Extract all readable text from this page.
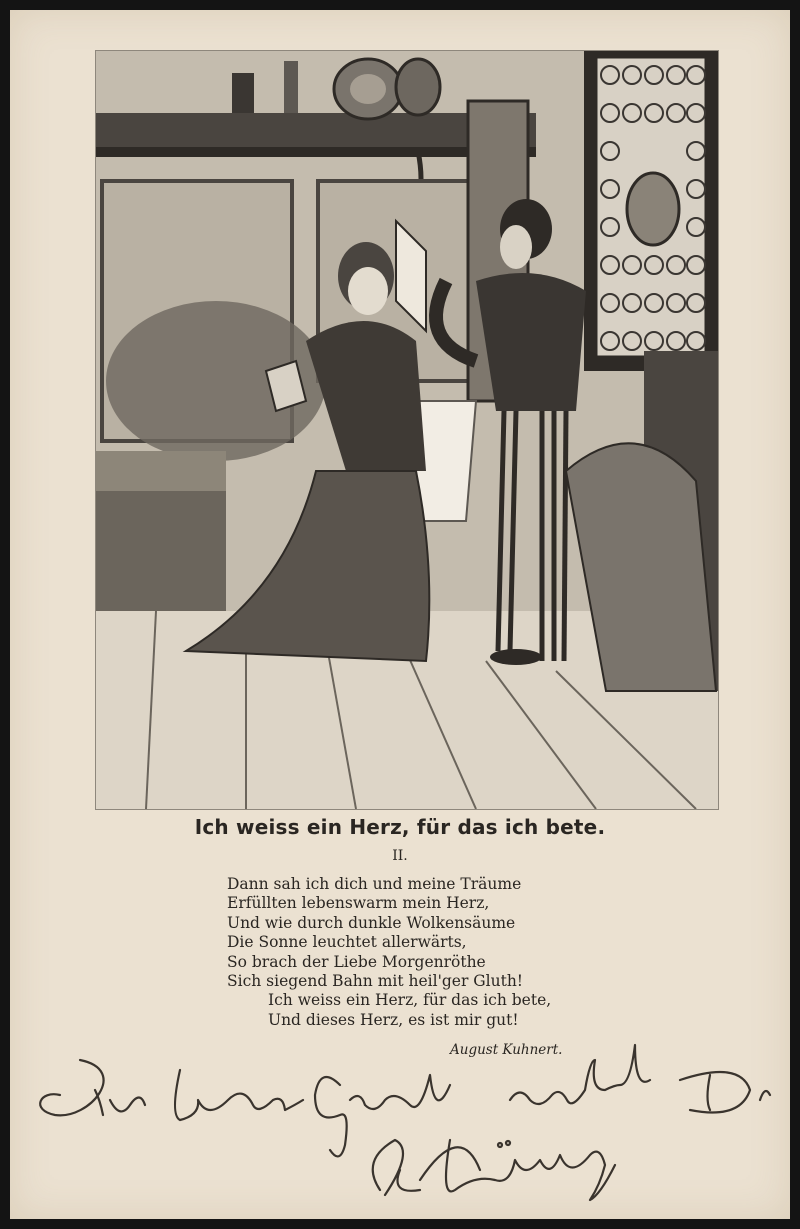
Ich weiss ein Herz, für das ich bete.
II.
Dann sah ich dich und meine Träume
Erfüllten lebenswarm mein Herz,
Und wie durch dunkle Wolkensäume
Die Sonne leuchtet allerwärts,
So brach der Liebe Morgenröthe
Sich siegend Bahn mit heil'ger Gluth!
Ich weiss ein Herz, für das ich bete,
Und dieses Herz, es ist mir gut!
August Kuhnert.
